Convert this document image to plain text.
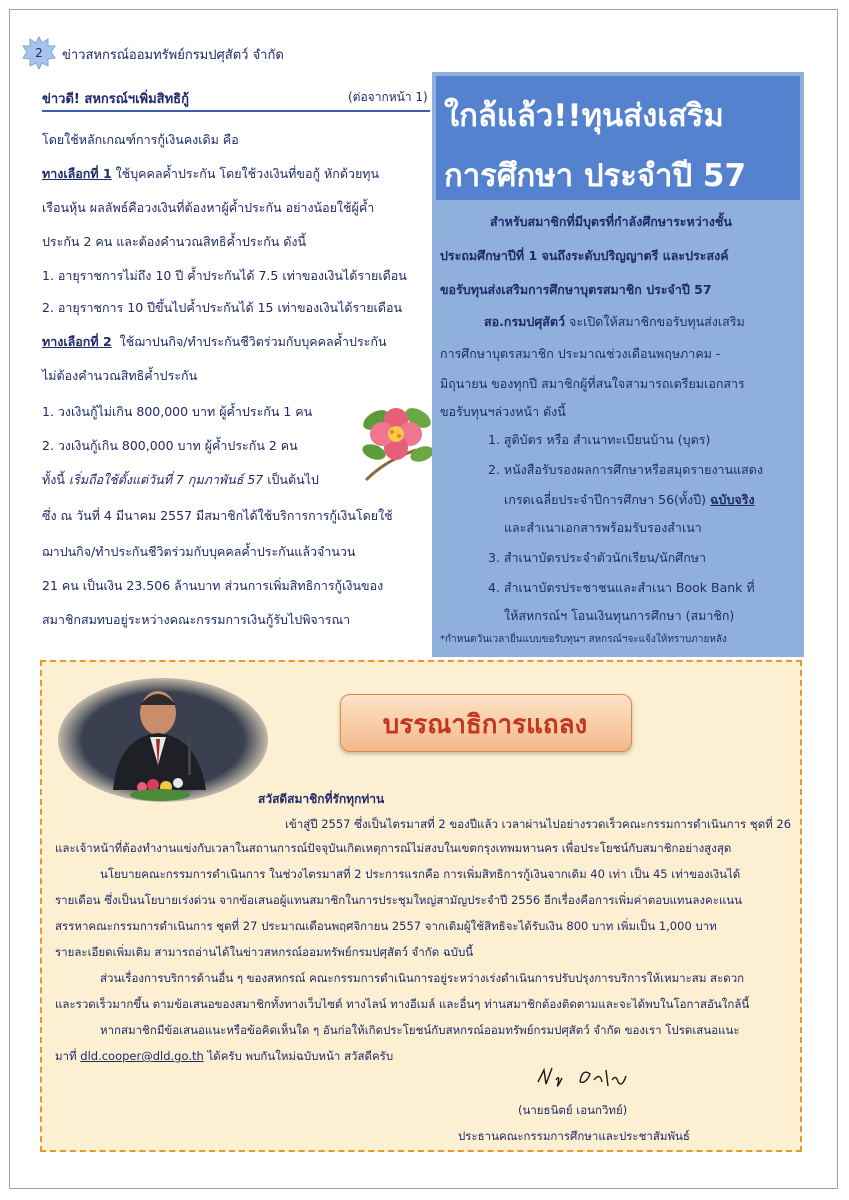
2	ข่าวสหกรณ์ออมทรัพย์กรมปศุสัตว์ จำกัด
ข่าวดี! สหกรณ์ฯเพิ่มสิทธิกู้	(ต่อจากหน้า 1)
โดยใช้หลักเกณฑ์การกู้เงินคงเดิม คือ
ทางเลือกที่ 1 ใช้บุคคลค้ำประกัน โดยใช้วงเงินที่ขอกู้ หักด้วยทุน
เรือนหุ้น ผลลัพธ์คือวงเงินที่ต้องหาผู้ค้ำประกัน อย่างน้อยใช้ผู้ค้ำ
ประกัน 2 คน และต้องคำนวณสิทธิค้ำประกัน ดังนี้
1. อายุราชการไม่ถึง 10 ปี ค้ำประกันได้ 7.5 เท่าของเงินได้รายเดือน
2. อายุราชการ 10 ปีขึ้นไปค้ำประกันได้ 15 เท่าของเงินได้รายเดือน
ทางเลือกที่ 2 ใช้ฌาปนกิจ/ทำประกันชีวิตร่วมกับบุคคลค้ำประกัน
ไม่ต้องคำนวณสิทธิค้ำประกัน
1. วงเงินกู้ไม่เกิน 800,000 บาท ผู้ค้ำประกัน 1 คน
2. วงเงินกู้เกิน 800,000 บาท ผู้ค้ำประกัน 2 คน
ทั้งนี้ เริ่มถือใช้ตั้งแต่วันที่ 7 กุมภาพันธ์ 57 เป็นต้นไป
ซึ่ง ณ วันที่ 4 มีนาคม 2557 มีสมาชิกได้ใช้บริการการกู้เงินโดยใช้
ฌาปนกิจ/ทำประกันชีวิตร่วมกับบุคคลค้ำประกันแล้วจำนวน
21 คน เป็นเงิน 23.506 ล้านบาท ส่วนการเพิ่มสิทธิการกู้เงินของ
สมาชิกสมทบอยู่ระหว่างคณะกรรมการเงินกู้รับไปพิจารณา
ใกล้แล้ว!!ทุนส่งเสริม
การศึกษา ประจำปี 57
สำหรับสมาชิกที่มีบุตรที่กำลังศึกษาระหว่างชั้น
ประถมศึกษาปีที่ 1 จนถึงระดับปริญญาตรี และประสงค์
ขอรับทุนส่งเสริมการศึกษาบุตรสมาชิก ประจำปี 57
สอ.กรมปศุสัตว์ จะเปิดให้สมาชิกขอรับทุนส่งเสริม
การศึกษาบุตรสมาชิก ประมาณช่วงเดือนพฤษภาคม -
มิถุนายน ของทุกปี สมาชิกผู้ที่สนใจสามารถเตรียมเอกสาร
ขอรับทุนฯล่วงหน้า ดังนี้
1. สูติบัตร หรือ สำเนาทะเบียนบ้าน (บุตร)
2. หนังสือรับรองผลการศึกษาหรือสมุดรายงานแสดง
เกรดเฉลี่ยประจำปีการศึกษา 56(ทั้งปี) ฉบับจริง
และสำเนาเอกสารพร้อมรับรองสำเนา
3. สำเนาบัตรประจำตัวนักเรียน/นักศึกษา
4. สำเนาบัตรประชาชนและสำเนา Book Bank ที่
ให้สหกรณ์ฯ โอนเงินทุนการศึกษา (สมาชิก)
*กำหนดวันเวลายื่นแบบขอรับทุนฯ สหกรณ์ฯจะแจ้งให้ทราบภายหลัง
บรรณาธิการแถลง
สวัสดีสมาชิกที่รักทุกท่าน
เข้าสู่ปี 2557 ซึ่งเป็นไตรมาสที่ 2 ของปีแล้ว เวลาผ่านไปอย่างรวดเร็วคณะกรรมการดำเนินการ ชุดที่ 26
และเจ้าหน้าที่ต้องทำงานแข่งกับเวลาในสถานการณ์ปัจจุบันเกิดเหตุการณ์ไม่สงบในเขตกรุงเทพมหานคร เพื่อประโยชน์กับสมาชิกอย่างสูงสุด
นโยบายคณะกรรมการดำเนินการ ในช่วงไตรมาสที่ 2 ประการแรกคือ การเพิ่มสิทธิการกู้เงินจากเดิม 40 เท่า เป็น 45 เท่าของเงินได้
รายเดือน ซึ่งเป็นนโยบายเร่งด่วน จากข้อเสนอผู้แทนสมาชิกในการประชุมใหญ่สามัญประจำปี 2556 อีกเรื่องคือการเพิ่มค่าตอบแทนลงคะแนน
สรรหาคณะกรรมการดำเนินการ ชุดที่ 27 ประมาณเดือนพฤศจิกายน 2557 จากเดิมผู้ใช้สิทธิจะได้รับเงิน 800 บาท เพิ่มเป็น 1,000 บาท
รายละเอียดเพิ่มเติม สามารถอ่านได้ในข่าวสหกรณ์ออมทรัพย์กรมปศุสัตว์ จำกัด ฉบับนี้
ส่วนเรื่องการบริการด้านอื่น ๆ ของสหกรณ์ คณะกรรมการดำเนินการอยู่ระหว่างเร่งดำเนินการปรับปรุงการบริการให้เหมาะสม สะดวก
และรวดเร็วมากขึ้น ตามข้อเสนอของสมาชิกทั้งทางเว็บไซต์ ทางไลน์ ทางอีเมล์ และอื่นๆ ท่านสมาชิกต้องติดตามและจะได้พบในโอกาสอันใกล้นี้
หากสมาชิกมีข้อเสนอแนะหรือข้อคิดเห็นใด ๆ อันก่อให้เกิดประโยชน์กับสหกรณ์ออมทรัพย์กรมปศุสัตว์ จำกัด ของเรา โปรดเสนอแนะ
มาที่ dld.cooper@dld.go.th ได้ครับ พบกันใหม่ฉบับหน้า สวัสดีครับ
(นายธนิตย์ เอนกวิทย์)
ประธานคณะกรรมการศึกษาและประชาสัมพันธ์
